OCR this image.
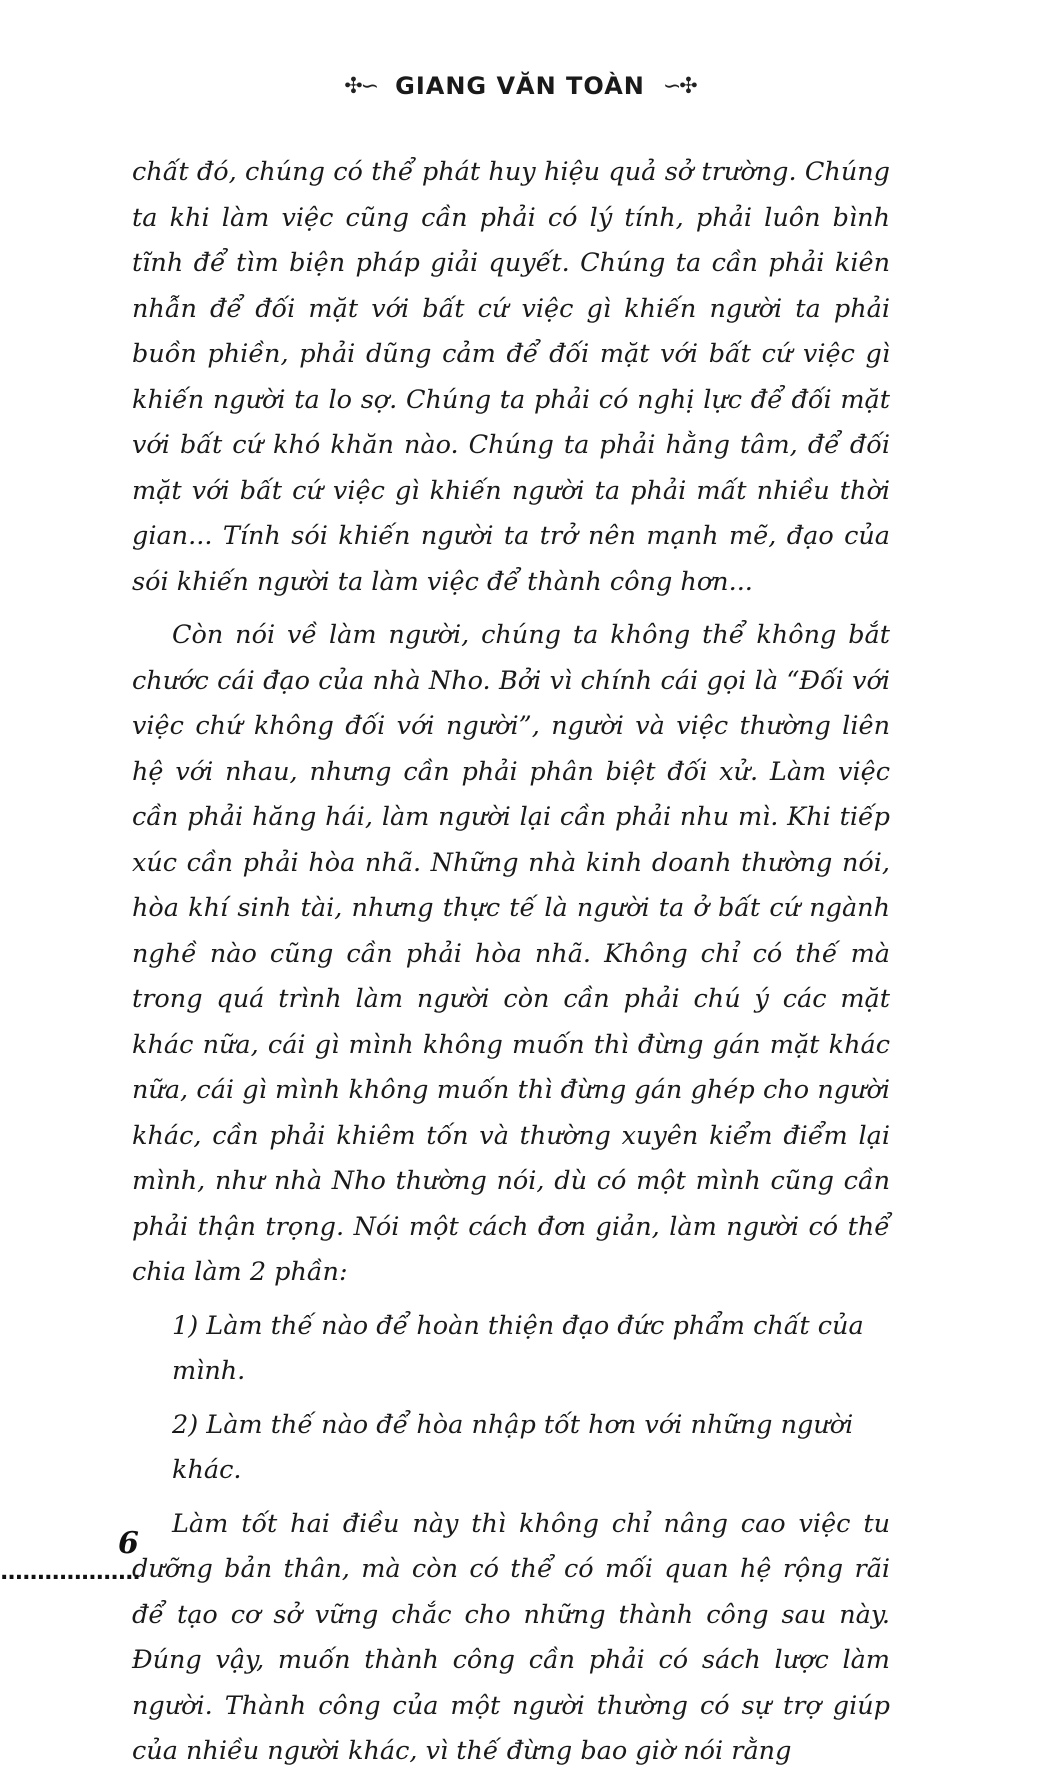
✣∽ GIANG VĂN TOÀN ∽✣

chất đó, chúng có thể phát huy hiệu quả sở trường. Chúng ta khi làm việc cũng cần phải có lý tính, phải luôn bình tĩnh để tìm biện pháp giải quyết. Chúng ta cần phải kiên nhẫn để đối mặt với bất cứ việc gì khiến người ta phải buồn phiền, phải dũng cảm để đối mặt với bất cứ việc gì khiến người ta lo sợ. Chúng ta phải có nghị lực để đối mặt với bất cứ khó khăn nào. Chúng ta phải hằng tâm, để đối mặt với bất cứ việc gì khiến người ta phải mất nhiều thời gian... Tính sói khiến người ta trở nên mạnh mẽ, đạo của sói khiến người ta làm việc để thành công hơn...

Còn nói về làm người, chúng ta không thể không bắt chước cái đạo của nhà Nho. Bởi vì chính cái gọi là “Đối với việc chứ không đối với người”, người và việc thường liên hệ với nhau, nhưng cần phải phân biệt đối xử. Làm việc cần phải hăng hái, làm người lại cần phải nhu mì. Khi tiếp xúc cần phải hòa nhã. Những nhà kinh doanh thường nói, hòa khí sinh tài, nhưng thực tế là người ta ở bất cứ ngành nghề nào cũng cần phải hòa nhã. Không chỉ có thế mà trong quá trình làm người còn cần phải chú ý các mặt khác nữa, cái gì mình không muốn thì đừng gán mặt khác nữa, cái gì mình không muốn thì đừng gán ghép cho người khác, cần phải khiêm tốn và thường xuyên kiểm điểm lại mình, như nhà Nho thường nói, dù có một mình cũng cần phải thận trọng. Nói một cách đơn giản, làm người có thể chia làm 2 phần:

1) Làm thế nào để hoàn thiện đạo đức phẩm chất của mình.

2) Làm thế nào để hòa nhập tốt hơn với những người khác.

Làm tốt hai điều này thì không chỉ nâng cao việc tu dưỡng bản thân, mà còn có thể có mối quan hệ rộng rãi để tạo cơ sở vững chắc cho những thành công sau này. Đúng vậy, muốn thành công cần phải có sách lược làm người. Thành công của một người thường có sự trợ giúp của nhiều người khác, vì thế đừng bao giờ nói rằng

6
...................
